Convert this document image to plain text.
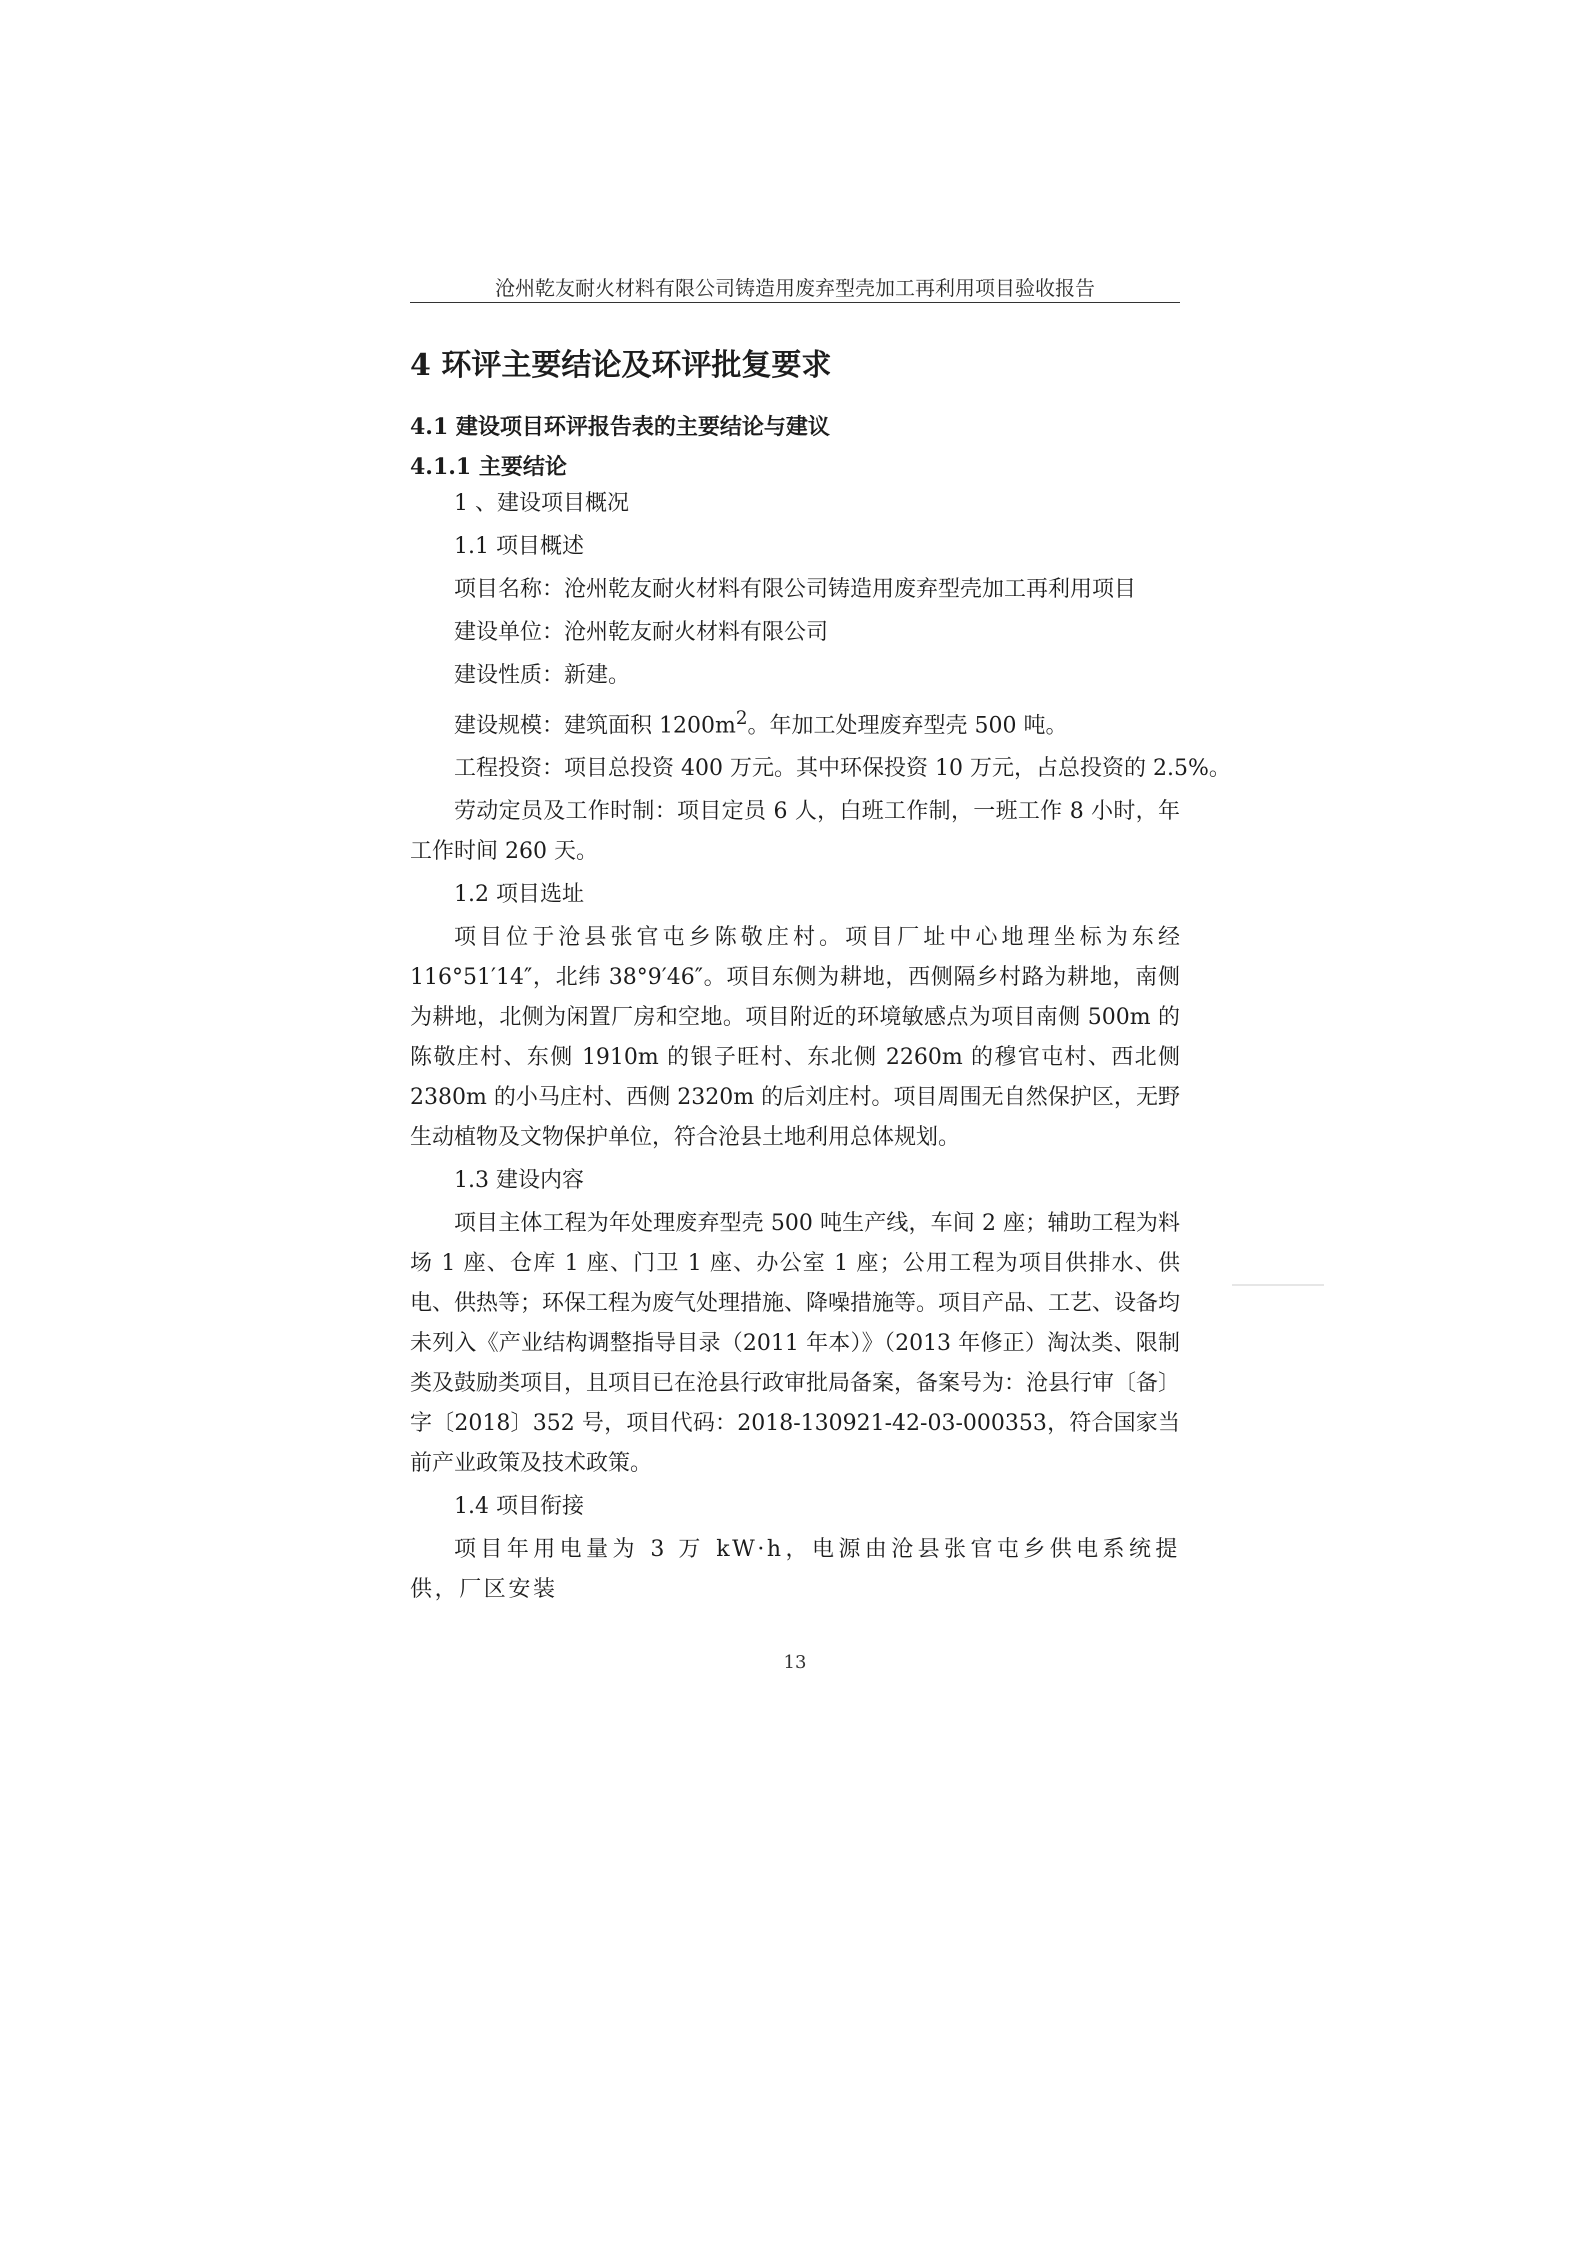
沧州乾友耐火材料有限公司铸造用废弃型壳加工再利用项目验收报告
4 环评主要结论及环评批复要求
4.1 建设项目环评报告表的主要结论与建议
4.1.1 主要结论

1 、建设项目概况

1.1 项目概述

项目名称：沧州乾友耐火材料有限公司铸造用废弃型壳加工再利用项目

建设单位：沧州乾友耐火材料有限公司

建设性质：新建。

建设规模：建筑面积 $1200m^2$。年加工处理废弃型壳 500 吨。

工程投资：项目总投资 400 万元。其中环保投资 10 万元，占总投资的 2.5%。

劳动定员及工作时制：项目定员 6 人，白班工作制，一班工作 8 小时，年工作时间 260 天。

1.2 项目选址

项目位于沧县张官屯乡陈敬庄村。项目厂址中心地理坐标为东经 116°51′14″，北纬 38°9′46″。项目东侧为耕地，西侧隔乡村路为耕地，南侧为耕地，北侧为闲置厂房和空地。项目附近的环境敏感点为项目南侧 500m 的陈敬庄村、东侧 1910m 的银子旺村、东北侧 2260m 的穆官屯村、西北侧 2380m 的小马庄村、西侧 2320m 的后刘庄村。项目周围无自然保护区，无野生动植物及文物保护单位，符合沧县土地利用总体规划。

1.3 建设内容

项目主体工程为年处理废弃型壳 500 吨生产线，车间 2 座；辅助工程为料场 1 座、仓库 1 座、门卫 1 座、办公室 1 座；公用工程为项目供排水、供电、供热等；环保工程为废气处理措施、降噪措施等。项目产品、工艺、设备均未列入《产业结构调整指导目录（2011 年本）》（2013 年修正）淘汰类、限制类及鼓励类项目，且项目已在沧县行政审批局备案，备案号为：沧县行审〔备〕字〔2018〕352 号，项目代码：2018-130921-42-03-000353，符合国家当前产业政策及技术政策。

1.4 项目衔接

项目年用电量为 3 万 kW·h，电源由沧县张官屯乡供电系统提供，厂区安装

13
